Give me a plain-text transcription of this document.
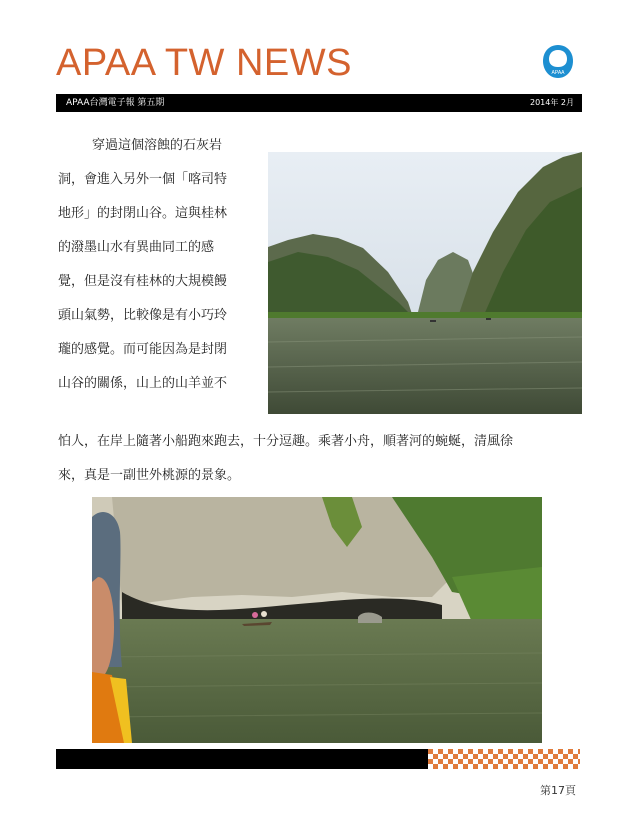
APAA TW NEWS	APAA
APAA台灣電子報 第五期	2014年 2月
穿過這個溶蝕的石灰岩
洞，會進入另外一個「喀司特
地形」的封閉山谷。這與桂林
的潑墨山水有異曲同工的感
覺，但是沒有桂林的大規模饅
頭山氣勢，比較像是有小巧玲
瓏的感覺。而可能因為是封閉
山谷的關係，山上的山羊並不
怕人，在岸上隨著小船跑來跑去，十分逗趣。乘著小舟，順著河的蜿蜒，清風徐
來，真是一副世外桃源的景象。
第17頁
